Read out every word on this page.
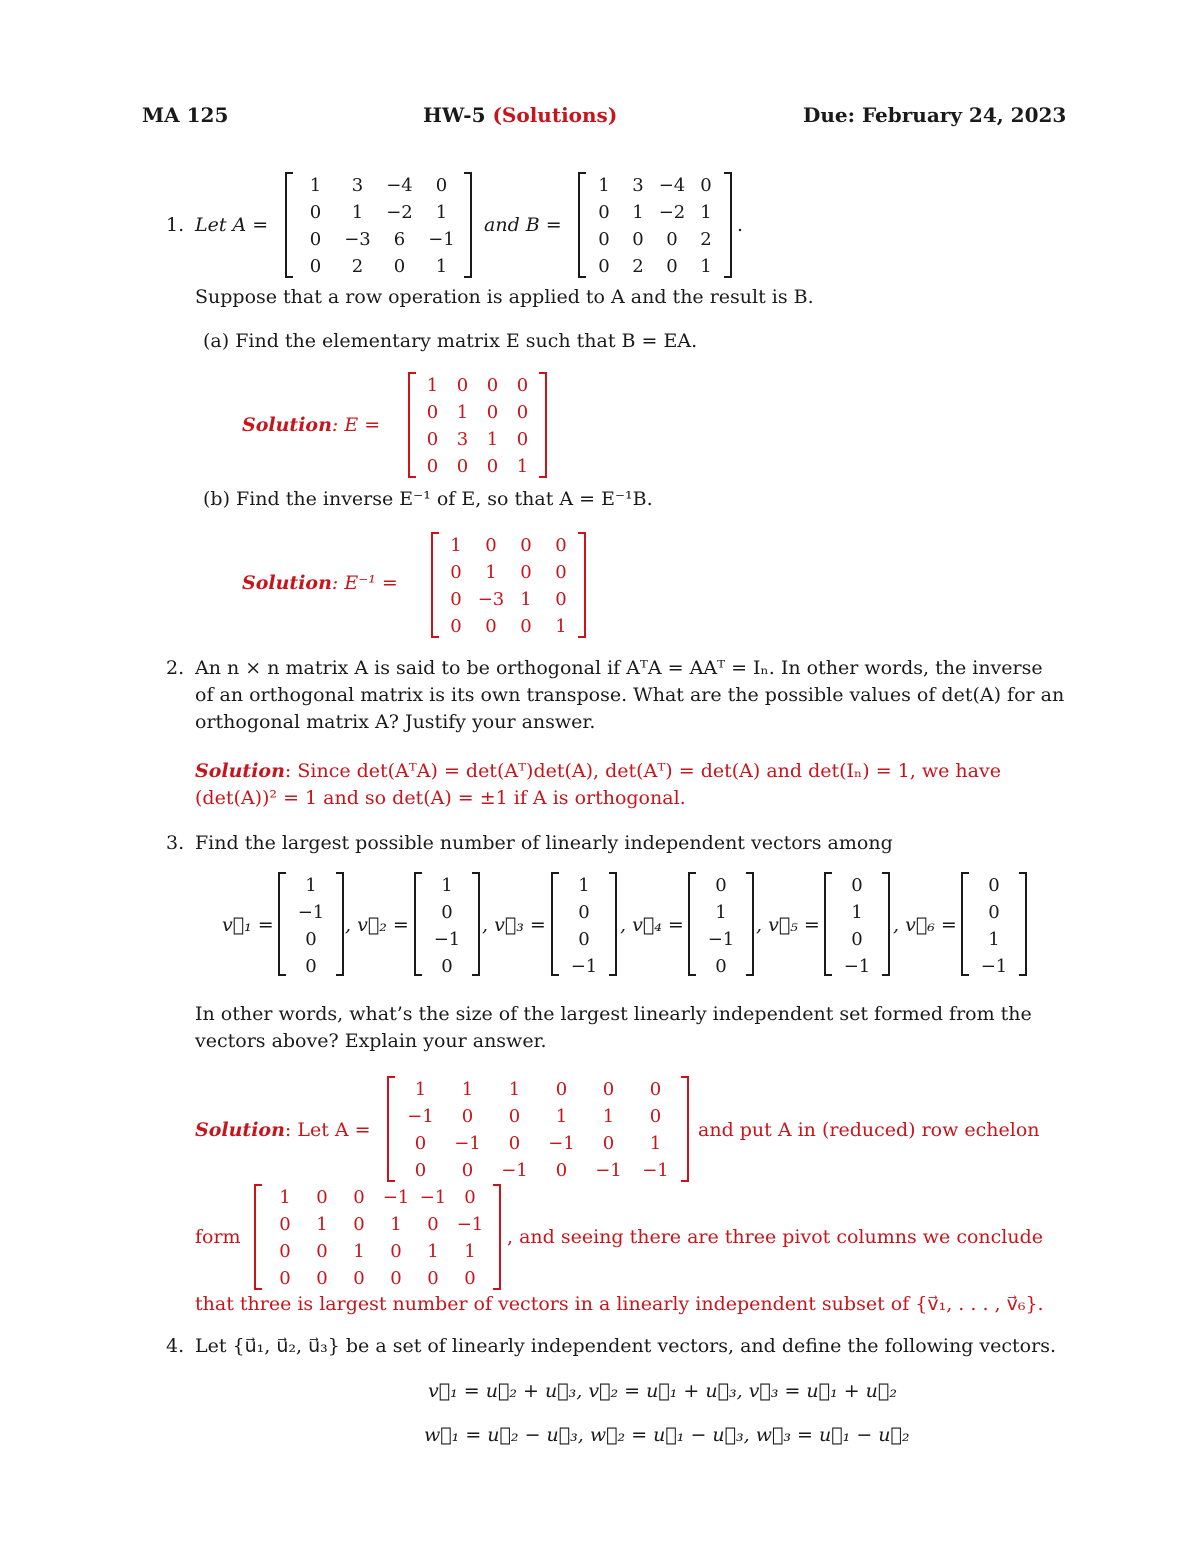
MA 125	HW-5 (Solutions)	Due: February 24, 2023
1. Let A =
1	3	−4	0
0	1	−2	1
0	−3	6	−1
0	2	0	1
and B =
1	3	−4	0
0	1	−2	1
0	0	0	2
0	2	0	1
.
Suppose that a row operation is applied to A and the result is B.
(a) Find the elementary matrix E such that B = EA.
Solution: E =
1	0	0	0
0	1	0	0
0	3	1	0
0	0	0	1
(b) Find the inverse E⁻¹ of E, so that A = E⁻¹B.
Solution: E⁻¹ =
1	0	0	0
0	1	0	0
0	−3	1	0
0	0	0	1
2. An n × n matrix A is said to be orthogonal if AᵀA = AAᵀ = Iₙ. In other words, the inverse
of an orthogonal matrix is its own transpose. What are the possible values of det(A) for an
orthogonal matrix A? Justify your answer.
Solution: Since det(AᵀA) = det(Aᵀ)det(A), det(Aᵀ) = det(A) and det(Iₙ) = 1, we have
(det(A))² = 1 and so det(A) = ±1 if A is orthogonal.
3. Find the largest possible number of linearly independent vectors among
v⃗₁ =
1
−1
0
0
, v⃗₂ =
1
0
−1
0
, v⃗₃ =
1
0
0
−1
, v⃗₄ =
0
1
−1
0
, v⃗₅ =
0
1
0
−1
, v⃗₆ =
0
0
1
−1
In other words, what’s the size of the largest linearly independent set formed from the
vectors above? Explain your answer.
Solution: Let A =
1	1	1	0	0	0
−1	0	0	1	1	0
0	−1	0	−1	0	1
0	0	−1	0	−1	−1
and put A in (reduced) row echelon
form
1	0	0	−1	−1	0
0	1	0	1	0	−1
0	0	1	0	1	1
0	0	0	0	0	0
, and seeing there are three pivot columns we conclude
that three is largest number of vectors in a linearly independent subset of {v⃗₁, . . . , v⃗₆}.
4. Let {u⃗₁, u⃗₂, u⃗₃} be a set of linearly independent vectors, and define the following vectors.
v⃗₁ = u⃗₂ + u⃗₃, v⃗₂ = u⃗₁ + u⃗₃, v⃗₃ = u⃗₁ + u⃗₂
w⃗₁ = u⃗₂ − u⃗₃, w⃗₂ = u⃗₁ − u⃗₃, w⃗₃ = u⃗₁ − u⃗₂
